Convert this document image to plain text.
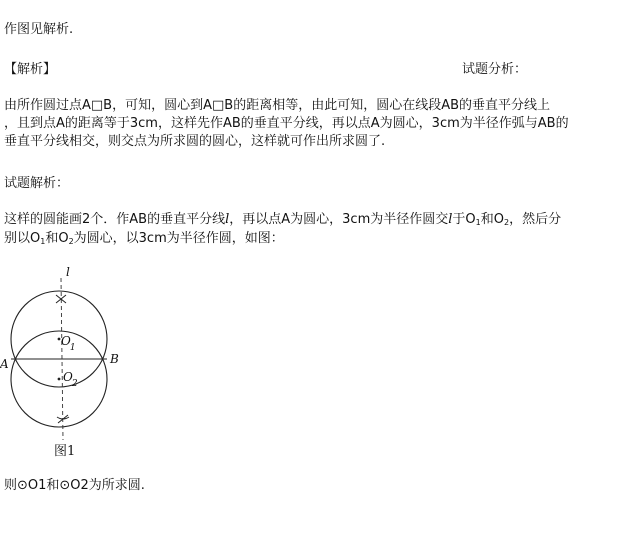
作图见解析.
【解析】	试题分析：
由所作圆过点A□B，可知，圆心到A□B的距离相等，由此可知，圆心在线段AB的垂直平分线上
，且到点A的距离等于3cm，这样先作AB的垂直平分线，再以点A为圆心，3cm为半径作弧与AB的
垂直平分线相交，则交点为所求圆的圆心，这样就可作出所求圆了.
试题解析：
这样的圆能画2个．作AB的垂直平分线l，再以点A为圆心，3cm为半径作圆交l于$O_1$和$O_2$，然后分
别以$O_1$和$O_2$为圆心，以3cm为半径作圆，如图：
l
A	B
O1
O2
图1
则⊙O1和⊙O2为所求圆.
